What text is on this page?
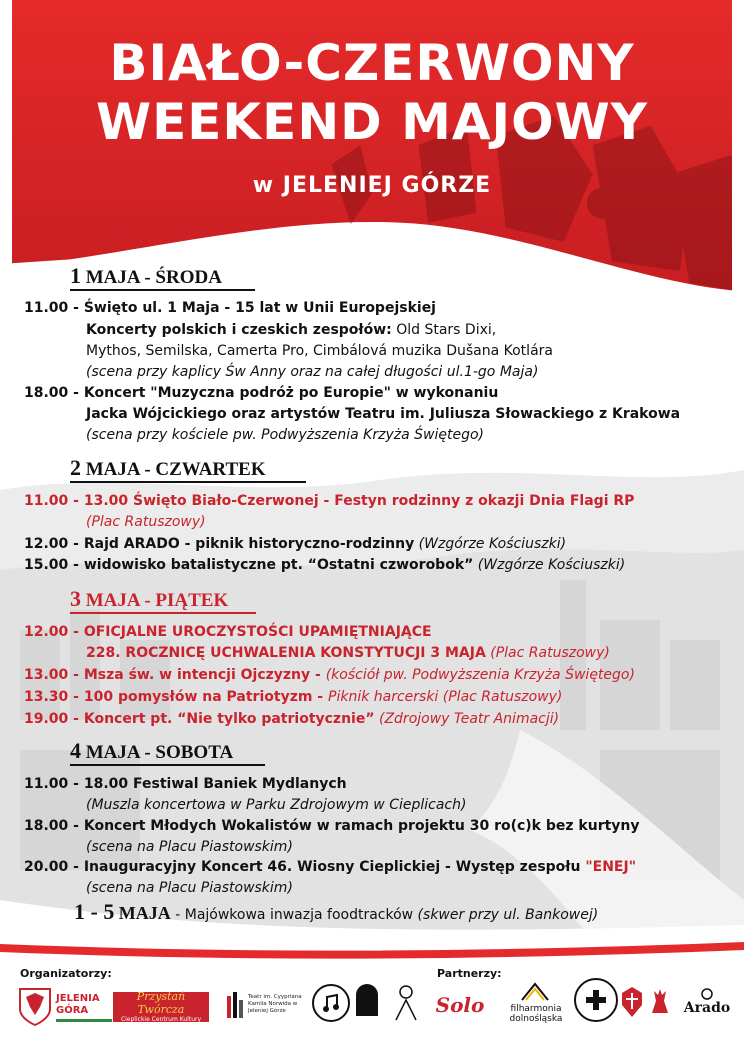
BIAŁO-CZERWONY
WEEKEND MAJOWY
w JELENIEJ GÓRZE
1 MAJA - ŚRODA
11.00 - Święto ul. 1 Maja - 15 lat w Unii Europejskiej
Koncerty polskich i czeskich zespołów: Old Stars Dixi,
Mythos, Semilska, Camerta Pro, Cimbálová muzika Dušana Kotlára
(scena przy kaplicy Św Anny oraz na całej długości ul.1-go Maja)
18.00 - Koncert "Muzyczna podróż po Europie" w wykonaniu
Jacka Wójcickiego oraz artystów Teatru im. Juliusza Słowackiego z Krakowa
(scena przy kościele pw. Podwyższenia Krzyża Świętego)
2 MAJA - CZWARTEK
11.00 - 13.00 Święto Biało-Czerwonej - Festyn rodzinny z okazji Dnia Flagi RP
(Plac Ratuszowy)
12.00 - Rajd ARADO - piknik historyczno-rodzinny (Wzgórze Kościuszki)
15.00 - widowisko batalistyczne pt. “Ostatni czworobok” (Wzgórze Kościuszki)
3 MAJA - PIĄTEK
12.00 - OFICJALNE UROCZYSTOŚCI UPAMIĘTNIAJĄCE
228. ROCZNICĘ UCHWALENIA KONSTYTUCJI 3 MAJA (Plac Ratuszowy)
13.00 - Msza św. w intencji Ojczyzny - (kościół pw. Podwyższenia Krzyża Świętego)
13.30 - 100 pomysłów na Patriotyzm - Piknik harcerski (Plac Ratuszowy)
19.00 - Koncert pt. “Nie tylko patriotycznie” (Zdrojowy Teatr Animacji)
4 MAJA - SOBOTA
11.00 - 18.00 Festiwal Baniek Mydlanych
(Muszla koncertowa w Parku Zdrojowym w Cieplicach)
18.00 - Koncert Młodych Wokalistów w ramach projektu 30 ro(c)k bez kurtyny
(scena na Placu Piastowskim)
20.00 - Inauguracyjny Koncert 46. Wiosny Cieplickiej - Występ zespołu "ENEJ"
(scena na Placu Piastowskim)
1 - 5 MAJA - Majówkowa inwazja foodtracków (skwer przy ul. Bankowej)
Organizatorzy:	Partnerzy:
JELENIA GÓRA
Przystań Twórcza
Cieplickie Centrum Kultury
Teatr im. Cyypriana Kamila Norwida w Jeleniej Górze	Solo	filharmonia dolnośląska
Arado
